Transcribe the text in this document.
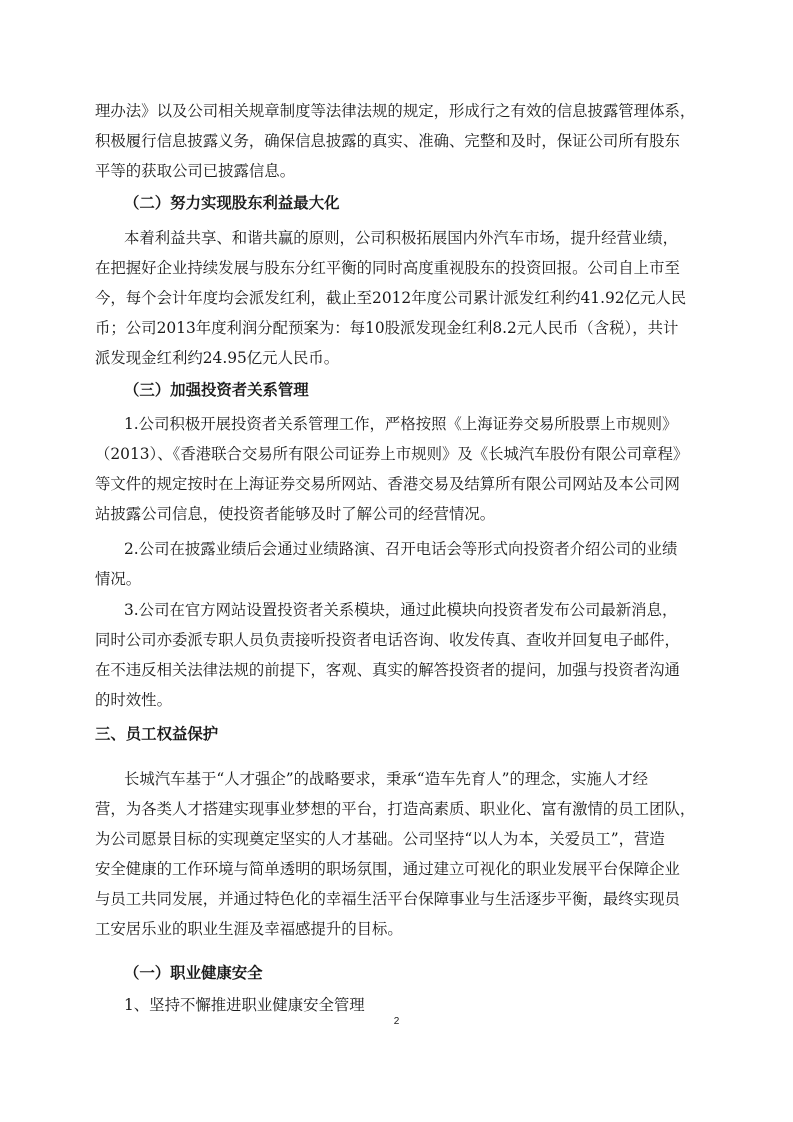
理办法》以及公司相关规章制度等法律法规的规定，形成行之有效的信息披露管理体系，
积极履行信息披露义务，确保信息披露的真实、准确、完整和及时，保证公司所有股东
平等的获取公司已披露信息。
（二）努力实现股东利益最大化
本着利益共享、和谐共赢的原则，公司积极拓展国内外汽车市场，提升经营业绩，
在把握好企业持续发展与股东分红平衡的同时高度重视股东的投资回报。公司自上市至
今，每个会计年度均会派发红利，截止至2012年度公司累计派发红利约41.92亿元人民
币；公司2013年度利润分配预案为：每10股派发现金红利8.2元人民币（含税），共计
派发现金红利约24.95亿元人民币。
（三）加强投资者关系管理
1.公司积极开展投资者关系管理工作，严格按照《上海证券交易所股票上市规则》
（2013）、《香港联合交易所有限公司证券上市规则》及《长城汽车股份有限公司章程》
等文件的规定按时在上海证券交易所网站、香港交易及结算所有限公司网站及本公司网
站披露公司信息，使投资者能够及时了解公司的经营情况。
2.公司在披露业绩后会通过业绩路演、召开电话会等形式向投资者介绍公司的业绩
情况。
3.公司在官方网站设置投资者关系模块，通过此模块向投资者发布公司最新消息，
同时公司亦委派专职人员负责接听投资者电话咨询、收发传真、查收并回复电子邮件，
在不违反相关法律法规的前提下，客观、真实的解答投资者的提问，加强与投资者沟通
的时效性。
三、员工权益保护
长城汽车基于“人才强企”的战略要求，秉承“造车先育人”的理念，实施人才经
营，为各类人才搭建实现事业梦想的平台，打造高素质、职业化、富有激情的员工团队，
为公司愿景目标的实现奠定坚实的人才基础。公司坚持“以人为本，关爱员工”，营造
安全健康的工作环境与简单透明的职场氛围，通过建立可视化的职业发展平台保障企业
与员工共同发展，并通过特色化的幸福生活平台保障事业与生活逐步平衡，最终实现员
工安居乐业的职业生涯及幸福感提升的目标。
（一）职业健康安全
1、坚持不懈推进职业健康安全管理
2
